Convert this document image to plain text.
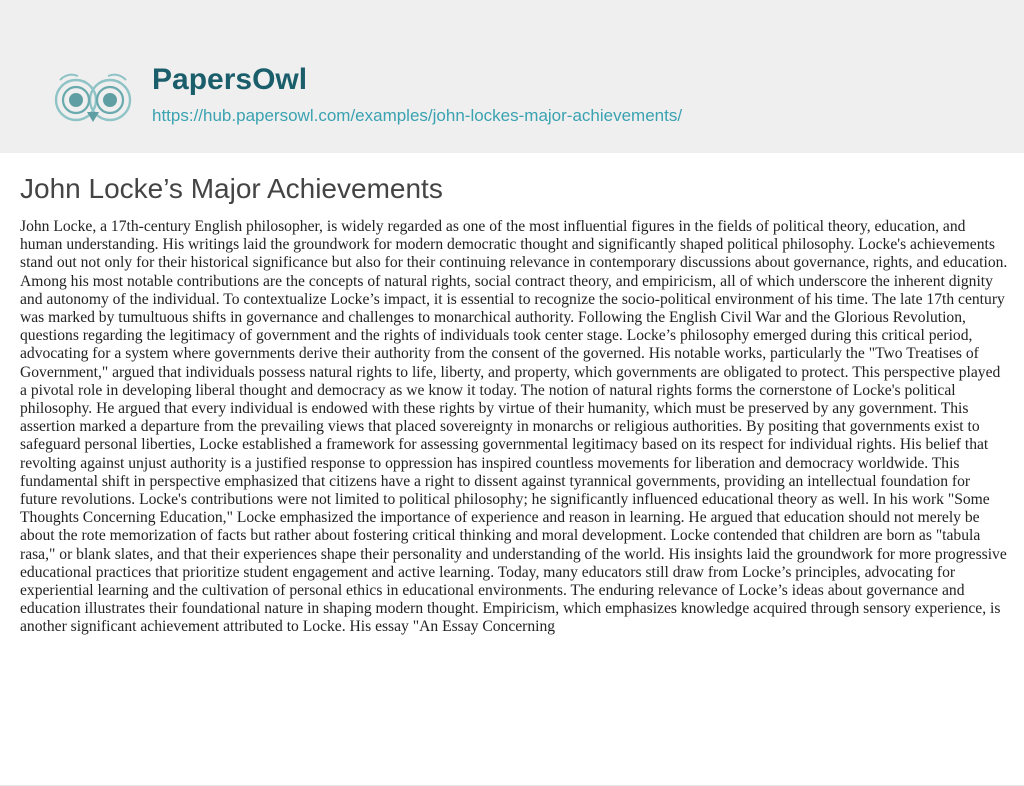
PapersOwl
https://hub.papersowl.com/examples/john-lockes-major-achievements/
John Locke’s Major Achievements

John Locke, a 17th-century English philosopher, is widely regarded as one of the most influential figures in the fields of political theory, education, and human understanding. His writings laid the groundwork for modern democratic thought and significantly shaped political philosophy. Locke's achievements stand out not only for their historical significance but also for their continuing relevance in contemporary discussions about governance, rights, and education. Among his most notable contributions are the concepts of natural rights, social contract theory, and empiricism, all of which underscore the inherent dignity and autonomy of the individual. To contextualize Locke’s impact, it is essential to recognize the socio-political environment of his time. The late 17th century was marked by tumultuous shifts in governance and challenges to monarchical authority. Following the English Civil War and the Glorious Revolution, questions regarding the legitimacy of government and the rights of individuals took center stage. Locke’s philosophy emerged during this critical period, advocating for a system where governments derive their authority from the consent of the governed. His notable works, particularly the "Two Treatises of Government," argued that individuals possess natural rights to life, liberty, and property, which governments are obligated to protect. This perspective played a pivotal role in developing liberal thought and democracy as we know it today. The notion of natural rights forms the cornerstone of Locke's political philosophy. He argued that every individual is endowed with these rights by virtue of their humanity, which must be preserved by any government. This assertion marked a departure from the prevailing views that placed sovereignty in monarchs or religious authorities. By positing that governments exist to safeguard personal liberties, Locke established a framework for assessing governmental legitimacy based on its respect for individual rights. His belief that revolting against unjust authority is a justified response to oppression has inspired countless movements for liberation and democracy worldwide. This fundamental shift in perspective emphasized that citizens have a right to dissent against tyrannical governments, providing an intellectual foundation for future revolutions. Locke's contributions were not limited to political philosophy; he significantly influenced educational theory as well. In his work "Some Thoughts Concerning Education," Locke emphasized the importance of experience and reason in learning. He argued that education should not merely be about the rote memorization of facts but rather about fostering critical thinking and moral development. Locke contended that children are born as "tabula rasa," or blank slates, and that their experiences shape their personality and understanding of the world. His insights laid the groundwork for more progressive educational practices that prioritize student engagement and active learning. Today, many educators still draw from Locke’s principles, advocating for experiential learning and the cultivation of personal ethics in educational environments. The enduring relevance of Locke’s ideas about governance and education illustrates their foundational nature in shaping modern thought. Empiricism, which emphasizes knowledge acquired through sensory experience, is another significant achievement attributed to Locke. His essay "An Essay Concerning
